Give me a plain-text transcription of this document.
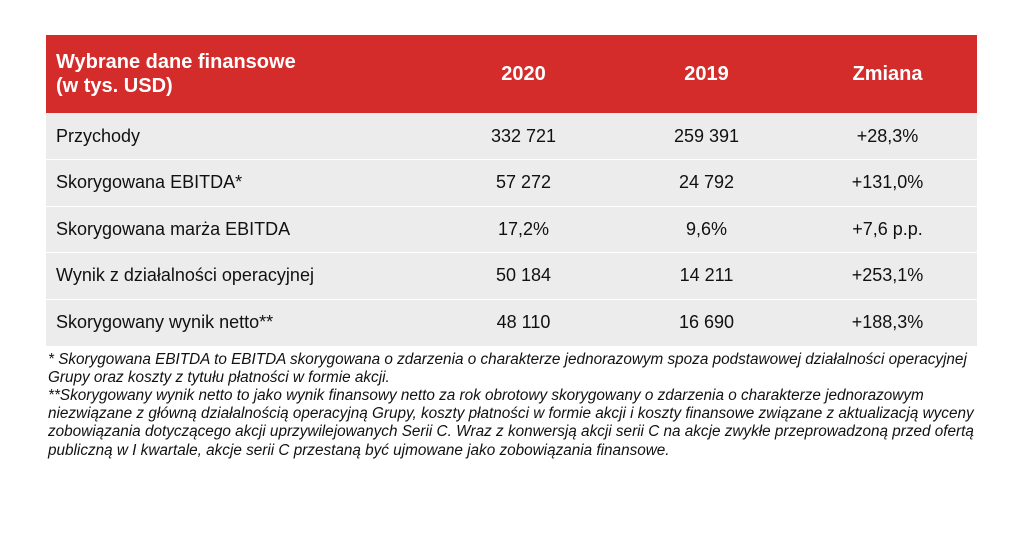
Wybrane dane finansowe
(w tys. USD)	2020	2019	Zmiana
Przychody	332 721	259 391	+28,3%
Skorygowana EBITDA*	57 272	24 792	+131,0%
Skorygowana marża EBITDA	17,2%	9,6%	+7,6 p.p.
Wynik z działalności operacyjnej	50 184	14 211	+253,1%
Skorygowany wynik netto**	48 110	16 690	+188,3%

* Skorygowana EBITDA to EBITDA skorygowana o zdarzenia o charakterze jednorazowym spoza podstawowej działalności operacyjnej Grupy oraz koszty z tytułu płatności w formie akcji.

**Skorygowany wynik netto to jako wynik finansowy netto za rok obrotowy skorygowany o zdarzenia o charakterze jednorazowym niezwiązane z główną działalnością operacyjną Grupy, koszty płatności w formie akcji i koszty finansowe związane z aktualizacją wyceny zobowiązania dotyczącego akcji uprzywilejowanych Serii C. Wraz z konwersją akcji serii C na akcje zwykłe przeprowadzoną przed ofertą publiczną w I kwartale, akcje serii C przestaną być ujmowane jako zobowiązania finansowe.
